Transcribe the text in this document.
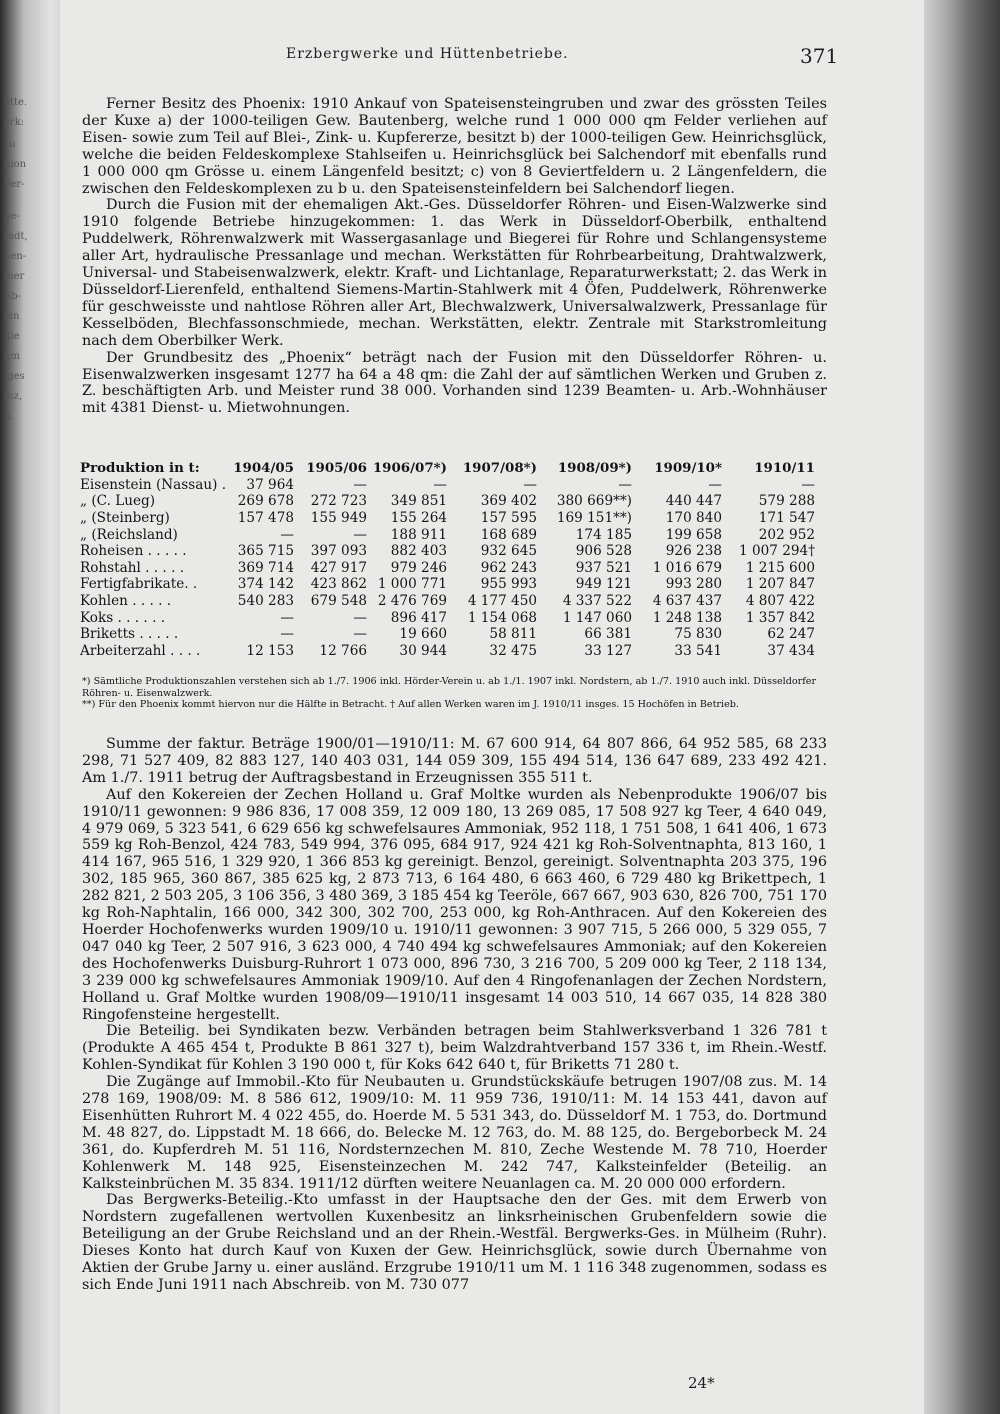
atte.
erk:
zu
nion
Ver-
ge-
tadt,
nen-
iner
Ab-
ein
die
qm
iges
inz,
u.
Erzbergwerke und Hüttenbetriebe.	371

Ferner Besitz des Phoenix: 1910 Ankauf von Spateisensteingruben und zwar des grössten Teiles der Kuxe a) der 1000-teiligen Gew. Bautenberg, welche rund 1 000 000 qm Felder verliehen auf Eisen- sowie zum Teil auf Blei-, Zink- u. Kupfererze, besitzt b) der 1000-teiligen Gew. Heinrichsglück, welche die beiden Feldeskomplexe Stahlseifen u. Heinrichsglück bei Salchendorf mit ebenfalls rund 1 000 000 qm Grösse u. einem Längenfeld besitzt; c) von 8 Geviertfeldern u. 2 Längenfeldern, die zwischen den Feldeskomplexen zu b u. den Spateisensteinfeldern bei Salchendorf liegen.

Durch die Fusion mit der ehemaligen Akt.-Ges. Düsseldorfer Röhren- und Eisen-Walzwerke sind 1910 folgende Betriebe hinzugekommen: 1. das Werk in Düsseldorf-Oberbilk, enthaltend Puddelwerk, Röhrenwalzwerk mit Wassergasanlage und Biegerei für Rohre und Schlangensysteme aller Art, hydraulische Pressanlage und mechan. Werkstätten für Rohrbearbeitung, Drahtwalzwerk, Universal- und Stabeisenwalzwerk, elektr. Kraft- und Lichtanlage, Reparaturwerkstatt; 2. das Werk in Düsseldorf-Lierenfeld, enthaltend Siemens-Martin-Stahlwerk mit 4 Öfen, Puddelwerk, Röhrenwerke für geschweisste und nahtlose Röhren aller Art, Blechwalzwerk, Universalwalzwerk, Pressanlage für Kesselböden, Blechfassonschmiede, mechan. Werkstätten, elektr. Zentrale mit Starkstromleitung nach dem Oberbilker Werk.

Der Grundbesitz des „Phoenix“ beträgt nach der Fusion mit den Düsseldorfer Röhren- u. Eisenwalzwerken insgesamt 1277 ha 64 a 48 qm: die Zahl der auf sämtlichen Werken und Gruben z. Z. beschäftigten Arb. und Meister rund 38 000. Vorhanden sind 1239 Beamten- u. Arb.-Wohnhäuser mit 4381 Dienst- u. Mietwohnungen.

Produktion in t:	1904/05	1905/06	1906/07*)	1907/08*)	1908/09*)	1909/10*	1910/11
Eisenstein (Nassau) .	37 964	—	—	—	—	—	—
„ (C. Lueg)	269 678	272 723	349 851	369 402	380 669**)	440 447	579 288
„ (Steinberg)	157 478	155 949	155 264	157 595	169 151**)	170 840	171 547
„ (Reichsland)	—	—	188 911	168 689	174 185	199 658	202 952
Roheisen . . . . .	365 715	397 093	882 403	932 645	906 528	926 238	1 007 294†
Rohstahl . . . . .	369 714	427 917	979 246	962 243	937 521	1 016 679	1 215 600
Fertigfabrikate. .	374 142	423 862	1 000 771	955 993	949 121	993 280	1 207 847
Kohlen . . . . .	540 283	679 548	2 476 769	4 177 450	4 337 522	4 637 437	4 807 422
Koks . . . . . .	—	—	896 417	1 154 068	1 147 060	1 248 138	1 357 842
Briketts . . . . .	—	—	19 660	58 811	66 381	75 830	62 247
Arbeiterzahl . . . .	12 153	12 766	30 944	32 475	33 127	33 541	37 434
*) Sämtliche Produktionszahlen verstehen sich ab 1./7. 1906 inkl. Hörder-Verein u. ab 1./1. 1907 inkl. Nordstern, ab 1./7. 1910 auch inkl. Düsseldorfer Röhren- u. Eisenwalzwerk.
**) Für den Phoenix kommt hiervon nur die Hälfte in Betracht. † Auf allen Werken waren im J. 1910/11 insges. 15 Hochöfen in Betrieb.

Summe der faktur. Beträge 1900/01—1910/11: M. 67 600 914, 64 807 866, 64 952 585, 68 233 298, 71 527 409, 82 883 127, 140 403 031, 144 059 309, 155 494 514, 136 647 689, 233 492 421. Am 1./7. 1911 betrug der Auftragsbestand in Erzeugnissen 355 511 t.

Auf den Kokereien der Zechen Holland u. Graf Moltke wurden als Nebenprodukte 1906/07 bis 1910/11 gewonnen: 9 986 836, 17 008 359, 12 009 180, 13 269 085, 17 508 927 kg Teer, 4 640 049, 4 979 069, 5 323 541, 6 629 656 kg schwefelsaures Ammoniak, 952 118, 1 751 508, 1 641 406, 1 673 559 kg Roh-Benzol, 424 783, 549 994, 376 095, 684 917, 924 421 kg Roh-Solventnaphta, 813 160, 1 414 167, 965 516, 1 329 920, 1 366 853 kg gereinigt. Benzol, gereinigt. Solventnaphta 203 375, 196 302, 185 965, 360 867, 385 625 kg, 2 873 713, 6 164 480, 6 663 460, 6 729 480 kg Brikettpech, 1 282 821, 2 503 205, 3 106 356, 3 480 369, 3 185 454 kg Teeröle, 667 667, 903 630, 826 700, 751 170 kg Roh-Naphtalin, 166 000, 342 300, 302 700, 253 000, kg Roh-Anthracen. Auf den Kokereien des Hoerder Hochofenwerks wurden 1909/10 u. 1910/11 gewonnen: 3 907 715, 5 266 000, 5 329 055, 7 047 040 kg Teer, 2 507 916, 3 623 000, 4 740 494 kg schwefelsaures Ammoniak; auf den Kokereien des Hochofenwerks Duisburg-Ruhrort 1 073 000, 896 730, 3 216 700, 5 209 000 kg Teer, 2 118 134, 3 239 000 kg schwefelsaures Ammoniak 1909/10. Auf den 4 Ringofenanlagen der Zechen Nordstern, Holland u. Graf Moltke wurden 1908/09—1910/11 insgesamt 14 003 510, 14 667 035, 14 828 380 Ringofensteine hergestellt.

Die Beteilig. bei Syndikaten bezw. Verbänden betragen beim Stahlwerksverband 1 326 781 t (Produkte A 465 454 t, Produkte B 861 327 t), beim Walzdrahtverband 157 336 t, im Rhein.-Westf. Kohlen-Syndikat für Kohlen 3 190 000 t, für Koks 642 640 t, für Briketts 71 280 t.

Die Zugänge auf Immobil.-Kto für Neubauten u. Grundstückskäufe betrugen 1907/08 zus. M. 14 278 169, 1908/09: M. 8 586 612, 1909/10: M. 11 959 736, 1910/11: M. 14 153 441, davon auf Eisenhütten Ruhrort M. 4 022 455, do. Hoerde M. 5 531 343, do. Düsseldorf M. 1 753, do. Dortmund M. 48 827, do. Lippstadt M. 18 666, do. Belecke M. 12 763, do. M. 88 125, do. Bergeborbeck M. 24 361, do. Kupferdreh M. 51 116, Nordsternzechen M. 810, Zeche Westende M. 78 710, Hoerder Kohlenwerk M. 148 925, Eisensteinzechen M. 242 747, Kalksteinfelder (Beteilig. an Kalksteinbrüchen M. 35 834. 1911/12 dürften weitere Neuanlagen ca. M. 20 000 000 erfordern.

Das Bergwerks-Beteilig.-Kto umfasst in der Hauptsache den der Ges. mit dem Erwerb von Nordstern zugefallenen wertvollen Kuxenbesitz an linksrheinischen Grubenfeldern sowie die Beteiligung an der Grube Reichsland und an der Rhein.-Westfäl. Bergwerks-Ges. in Mülheim (Ruhr). Dieses Konto hat durch Kauf von Kuxen der Gew. Heinrichsglück, sowie durch Übernahme von Aktien der Grube Jarny u. einer ausländ. Erzgrube 1910/11 um M. 1 116 348 zugenommen, sodass es sich Ende Juni 1911 nach Abschreib. von M. 730 077

24*
